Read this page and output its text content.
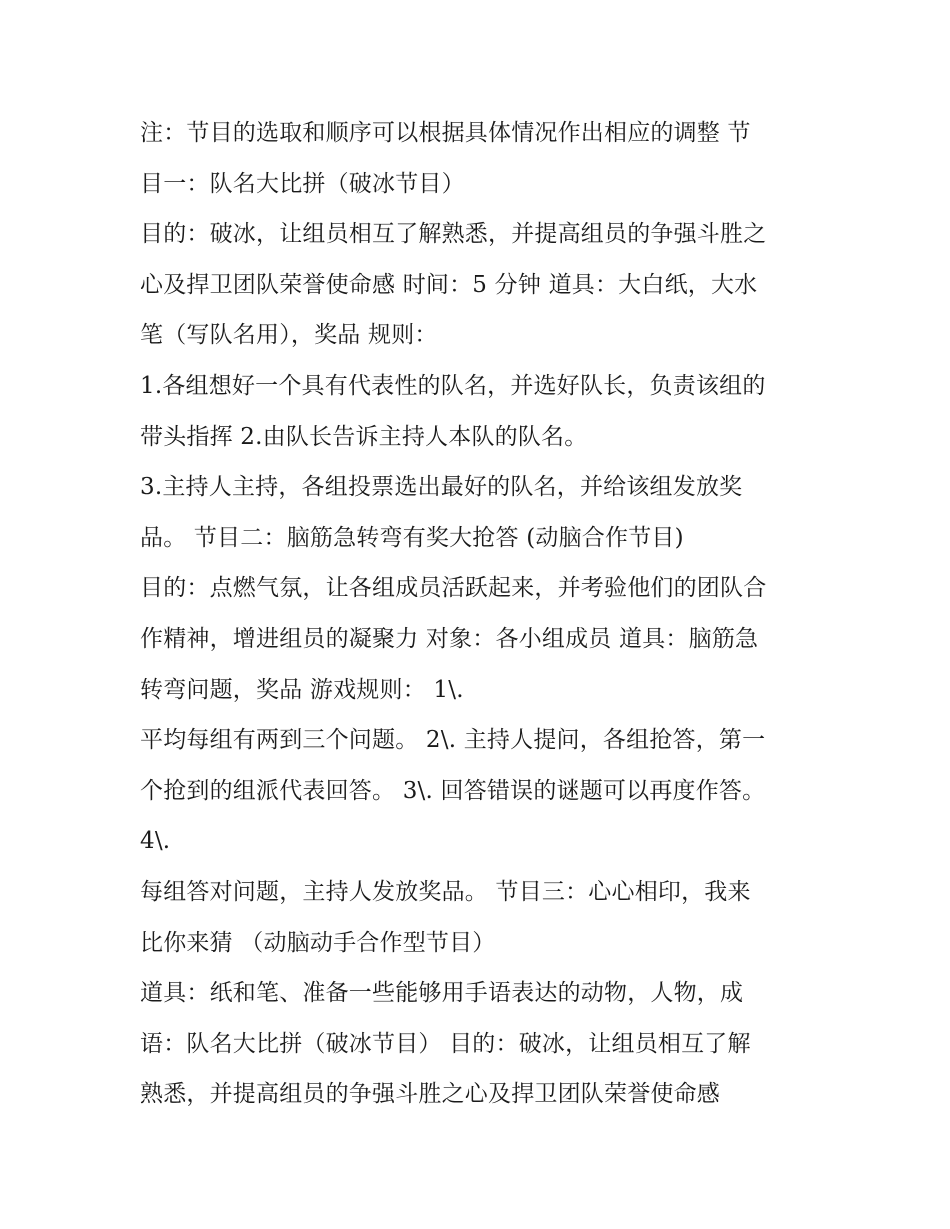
注：节目的选取和顺序可以根据具体情况作出相应的调整 节
目一：队名大比拼（破冰节目）
目的：破冰，让组员相互了解熟悉，并提高组员的争强斗胜之
心及捍卫团队荣誉使命感 时间：5 分钟 道具：大白纸，大水
笔（写队名用），奖品 规则：
1.各组想好一个具有代表性的队名，并选好队长，负责该组的
带头指挥 2.由队长告诉主持人本队的队名。
3.主持人主持，各组投票选出最好的队名，并给该组发放奖
品。 节目二：脑筋急转弯有奖大抢答 (动脑合作节目)
目的：点燃气氛，让各组成员活跃起来，并考验他们的团队合
作精神，增进组员的凝聚力 对象：各小组成员 道具：脑筋急
转弯问题，奖品 游戏规则： 1\.
平均每组有两到三个问题。 2\. 主持人提问，各组抢答，第一
个抢到的组派代表回答。 3\. 回答错误的谜题可以再度作答。
4\.
每组答对问题，主持人发放奖品。 节目三：心心相印，我来
比你来猜 （动脑动手合作型节目）
道具：纸和笔、准备一些能够用手语表达的动物，人物，成
语：队名大比拼（破冰节目） 目的：破冰，让组员相互了解
熟悉，并提高组员的争强斗胜之心及捍卫团队荣誉使命感
